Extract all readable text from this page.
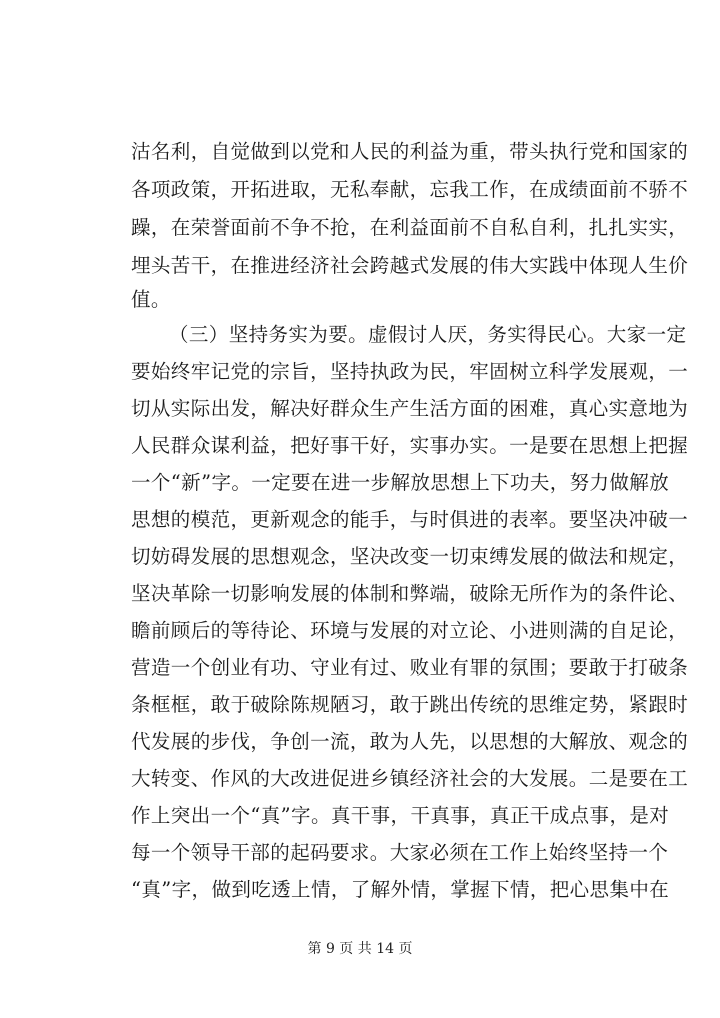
沽名利，自觉做到以党和人民的利益为重，带头执行党和国家的
各项政策，开拓进取，无私奉献，忘我工作，在成绩面前不骄不
躁，在荣誉面前不争不抢，在利益面前不自私自利，扎扎实实，
埋头苦干，在推进经济社会跨越式发展的伟大实践中体现人生价
值。
（三）坚持务实为要。虚假讨人厌，务实得民心。大家一定
要始终牢记党的宗旨，坚持执政为民，牢固树立科学发展观，一
切从实际出发，解决好群众生产生活方面的困难，真心实意地为
人民群众谋利益，把好事干好，实事办实。一是要在思想上把握
一个“新”字。一定要在进一步解放思想上下功夫，努力做解放
思想的模范，更新观念的能手，与时俱进的表率。要坚决冲破一
切妨碍发展的思想观念，坚决改变一切束缚发展的做法和规定，
坚决革除一切影响发展的体制和弊端，破除无所作为的条件论、
瞻前顾后的等待论、环境与发展的对立论、小进则满的自足论，
营造一个创业有功、守业有过、败业有罪的氛围；要敢于打破条
条框框，敢于破除陈规陋习，敢于跳出传统的思维定势，紧跟时
代发展的步伐，争创一流，敢为人先，以思想的大解放、观念的
大转变、作风的大改进促进乡镇经济社会的大发展。二是要在工
作上突出一个“真”字。真干事，干真事，真正干成点事，是对
每一个领导干部的起码要求。大家必须在工作上始终坚持一个
“真”字，做到吃透上情，了解外情，掌握下情，把心思集中在
第 9 页 共 14 页
